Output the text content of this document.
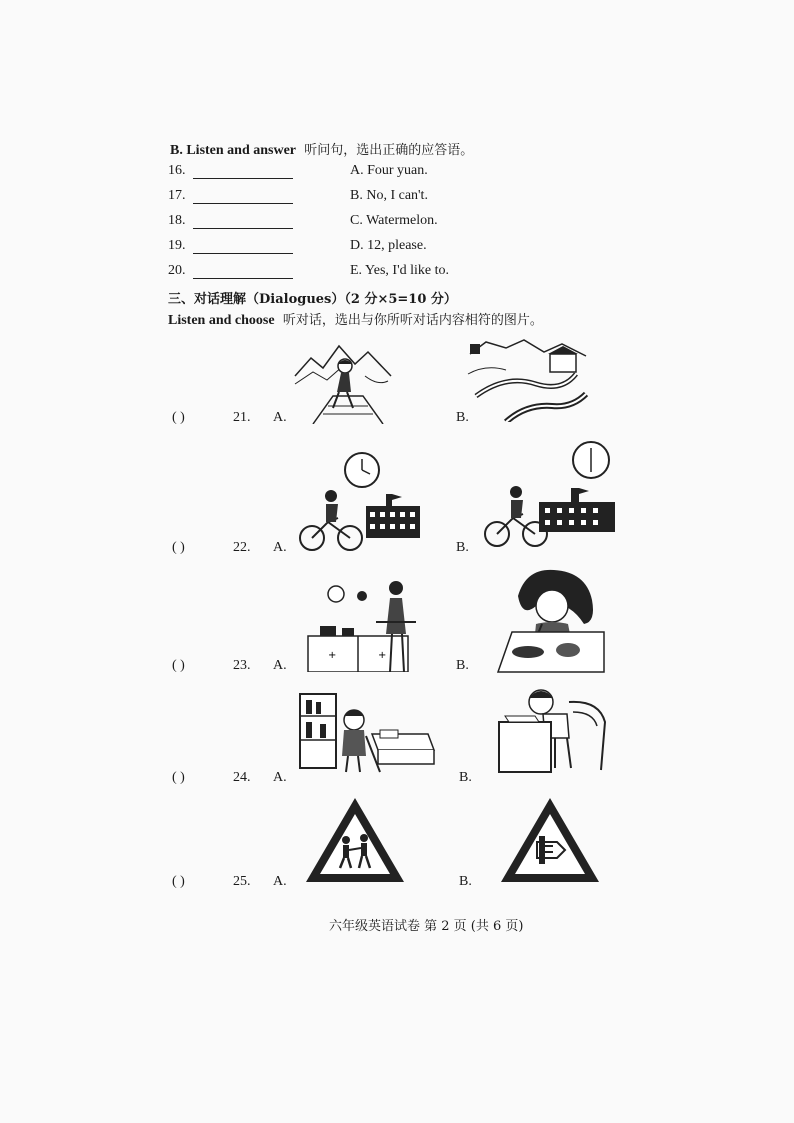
B. Listen and answer 听问句，选出正确的应答语。
16.	A. Four yuan.
17.	B. No, I can't.
18.	C. Watermelon.
19.	D. 12, please.
20.	E. Yes, I'd like to.
三、对话理解（Dialogues）（2 分×5=10 分）
Listen and choose 听对话，选出与你所听对话内容相符的图片。
( )	21. A.	B.
( )	22. A.	B.
( )	23. A.	B.
+	+
( )	24. A.	B.
( )	25. A.	B.
六年级英语试卷 第 2 页 (共 6 页)
